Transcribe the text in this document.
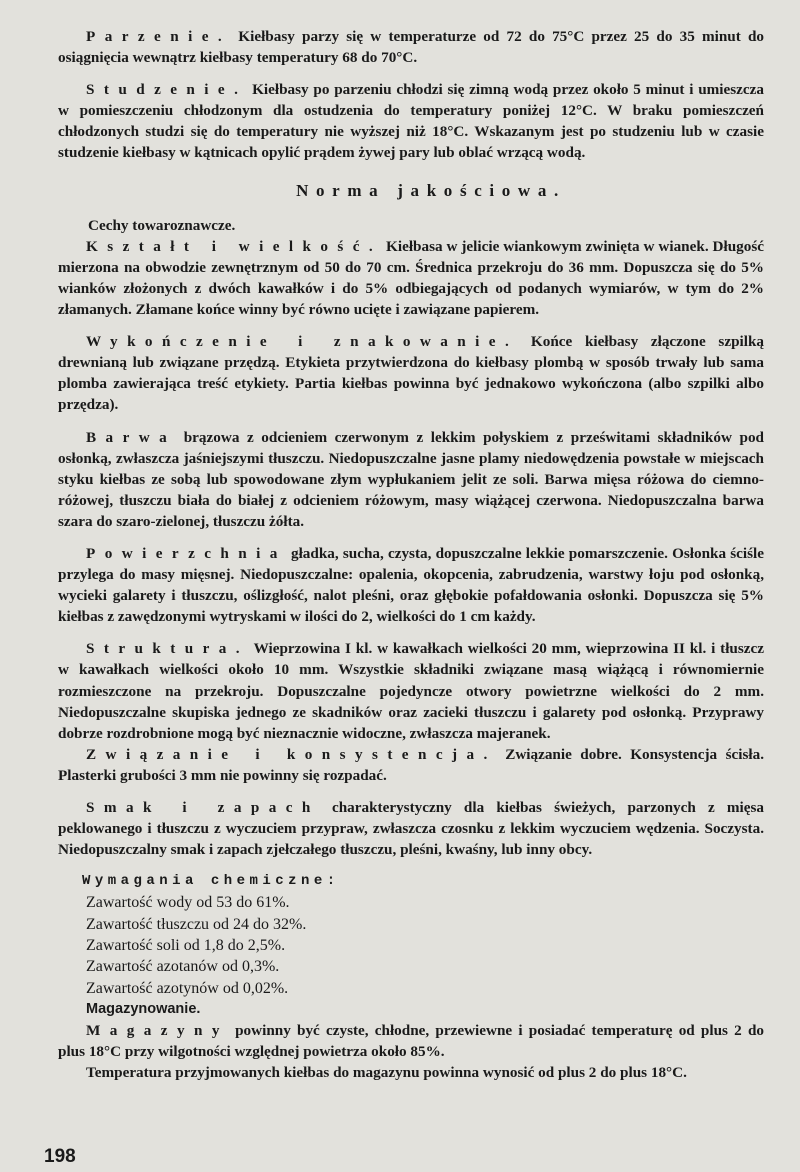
Parzenie. Kiełbasy parzy się w temperaturze od 72 do 75°C przez 25 do 35 minut do osiągnięcia wewnątrz kiełbasy temperatury 68 do 70°C.

Studzenie. Kiełbasy po parzeniu chłodzi się zimną wodą przez około 5 minut i umieszcza w pomieszczeniu chłodzonym dla ostudzenia do temperatury poniżej 12°C. W braku pomieszczeń chłodzonych studzi się do temperatury nie wyższej niż 18°C. Wskazanym jest po studzeniu lub w czasie studzenie kiełbasy w kątnicach opylić prądem żywej pary lub oblać wrzącą wodą.

Norma jakościowa.

Cechy towaroznawcze.

Kształt i wielkość. Kiełbasa w jelicie wiankowym zwinięta w wianek. Długość mierzona na obwodzie zewnętrznym od 50 do 70 cm. Średnica przekroju do 36 mm. Dopuszcza się do 5% wianków złożonych z dwóch kawałków i do 5% odbiegających od podanych wymiarów, w tym do 2% złamanych. Złamane końce winny być równo ucięte i zawiązane papierem.

Wykończenie i znakowanie. Końce kiełbasy złączone szpilką drewnianą lub związane przędzą. Etykieta przytwierdzona do kiełbasy plombą w sposób trwały lub sama plomba zawierająca treść etykiety. Partia kiełbas powinna być jednakowo wykończona (albo szpilki albo przędza).

Barwa brązowa z odcieniem czerwonym z lekkim połyskiem z prześwitami składników pod osłonką, zwłaszcza jaśniejszymi tłuszczu. Niedopuszczalne jasne plamy niedowędzenia powstałe w miejscach styku kiełbas ze sobą lub spowodowane złym wypłukaniem jelit ze soli. Barwa mięsa różowa do ciemno-różowej, tłuszczu biała do białej z odcieniem różowym, masy wiążącej czerwona. Niedopuszczalna barwa szara do szaro-zielonej, tłuszczu żółta.

Powierzchnia gładka, sucha, czysta, dopuszczalne lekkie pomarszczenie. Osłonka ściśle przylega do masy mięsnej. Niedopuszczalne: opalenia, okopcenia, zabrudzenia, warstwy łoju pod osłonką, wycieki galarety i tłuszczu, oślizgłość, nalot pleśni, oraz głębokie pofałdowania osłonki. Dopuszcza się 5% kiełbas z zawędzonymi wytryskami w ilości do 2, wielkości do 1 cm każdy.

Struktura. Wieprzowina I kl. w kawałkach wielkości 20 mm, wieprzowina II kl. i tłuszcz w kawałkach wielkości około 10 mm. Wszystkie składniki związane masą wiążącą i równomiernie rozmieszczone na przekroju. Dopuszczalne pojedyncze otwory powietrzne wielkości do 2 mm. Niedopuszczalne skupiska jednego ze skadników oraz zacieki tłuszczu i galarety pod osłonką. Przyprawy dobrze rozdrobnione mogą być nieznacznie widoczne, zwłaszcza majeranek.

Związanie i konsystencja. Związanie dobre. Konsystencja ścisła. Plasterki grubości 3 mm nie powinny się rozpadać.

Smak i zapach charakterystyczny dla kiełbas świeżych, parzonych z mięsa peklowanego i tłuszczu z wyczuciem przypraw, zwłaszcza czosnku z lekkim wyczuciem wędzenia. Soczysta. Niedopuszczalny smak i zapach zjełczałego tłuszczu, pleśni, kwaśny, lub inny obcy.

Wymagania chemiczne:

Zawartość wody od 53 do 61%.

Zawartość tłuszczu od 24 do 32%.

Zawartość soli od 1,8 do 2,5%.

Zawartość azotanów od 0,3%.

Zawartość azotynów od 0,02%.

Magazynowanie.

Magazyny powinny być czyste, chłodne, przewiewne i posiadać temperaturę od plus 2 do plus 18°C przy wilgotności względnej powietrza około 85%.

Temperatura przyjmowanych kiełbas do magazynu powinna wynosić od plus 2 do plus 18°C.

198
